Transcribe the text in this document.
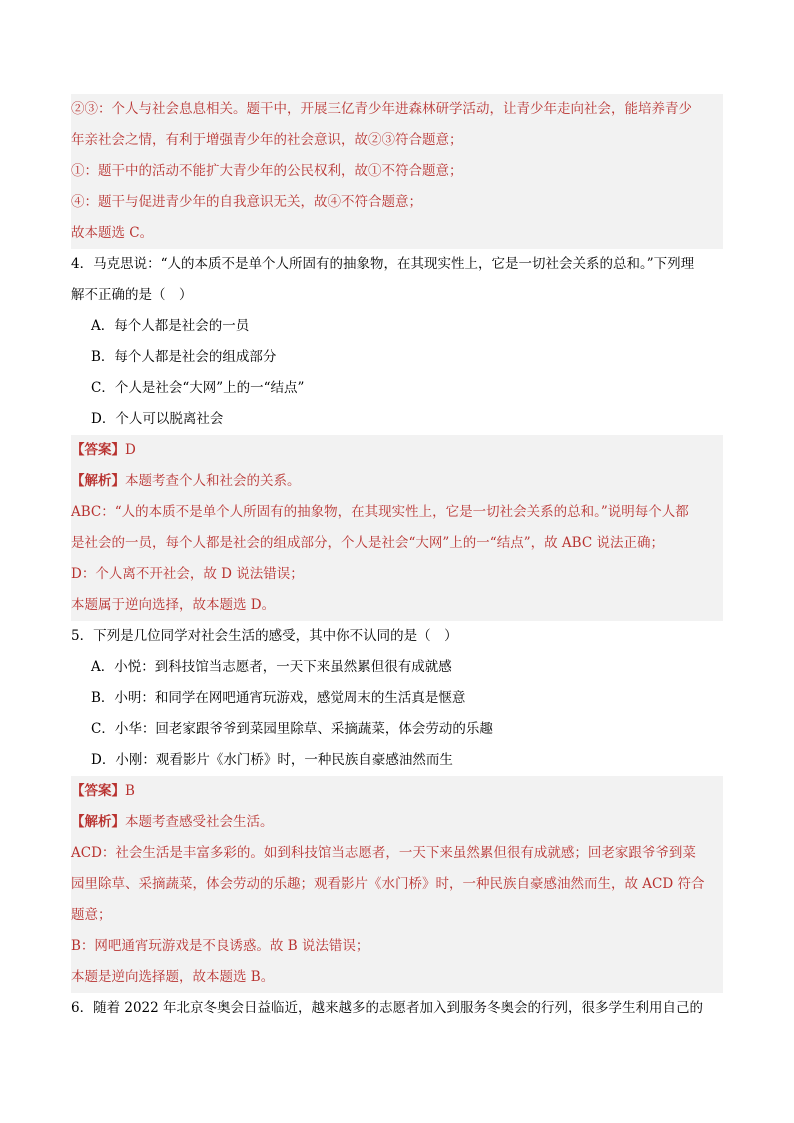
②③：个人与社会息息相关。题干中，开展三亿青少年进森林研学活动，让青少年走向社会，能培养青少
年亲社会之情，有利于增强青少年的社会意识，故②③符合题意；
①：题干中的活动不能扩大青少年的公民权利，故①不符合题意；
④：题干与促进青少年的自我意识无关，故④不符合题意；
故本题选 C。
4．马克思说：“人的本质不是单个人所固有的抽象物，在其现实性上，它是一切社会关系的总和。”下列理
解不正确的是（　）
A．每个人都是社会的一员
B．每个人都是社会的组成部分
C．个人是社会“大网”上的一“结点”
D．个人可以脱离社会
【答案】D
【解析】本题考查个人和社会的关系。
ABC：“人的本质不是单个人所固有的抽象物，在其现实性上，它是一切社会关系的总和。”说明每个人都
是社会的一员，每个人都是社会的组成部分，个人是社会“大网”上的一“结点”，故 ABC 说法正确；
D：个人离不开社会，故 D 说法错误；
本题属于逆向选择，故本题选 D。
5．下列是几位同学对社会生活的感受，其中你不认同的是（　）
A．小悦：到科技馆当志愿者，一天下来虽然累但很有成就感
B．小明：和同学在网吧通宵玩游戏，感觉周末的生活真是惬意
C．小华：回老家跟爷爷到菜园里除草、采摘蔬菜，体会劳动的乐趣
D．小刚：观看影片《水门桥》时，一种民族自豪感油然而生
【答案】B
【解析】本题考查感受社会生活。
ACD：社会生活是丰富多彩的。如到科技馆当志愿者，一天下来虽然累但很有成就感；回老家跟爷爷到菜
园里除草、采摘蔬菜，体会劳动的乐趣；观看影片《水门桥》时，一种民族自豪感油然而生，故 ACD 符合
题意；
B：网吧通宵玩游戏是不良诱惑。故 B 说法错误；
本题是逆向选择题，故本题选 B。
6．随着 2022 年北京冬奥会日益临近，越来越多的志愿者加入到服务冬奥会的行列，很多学生利用自己的
